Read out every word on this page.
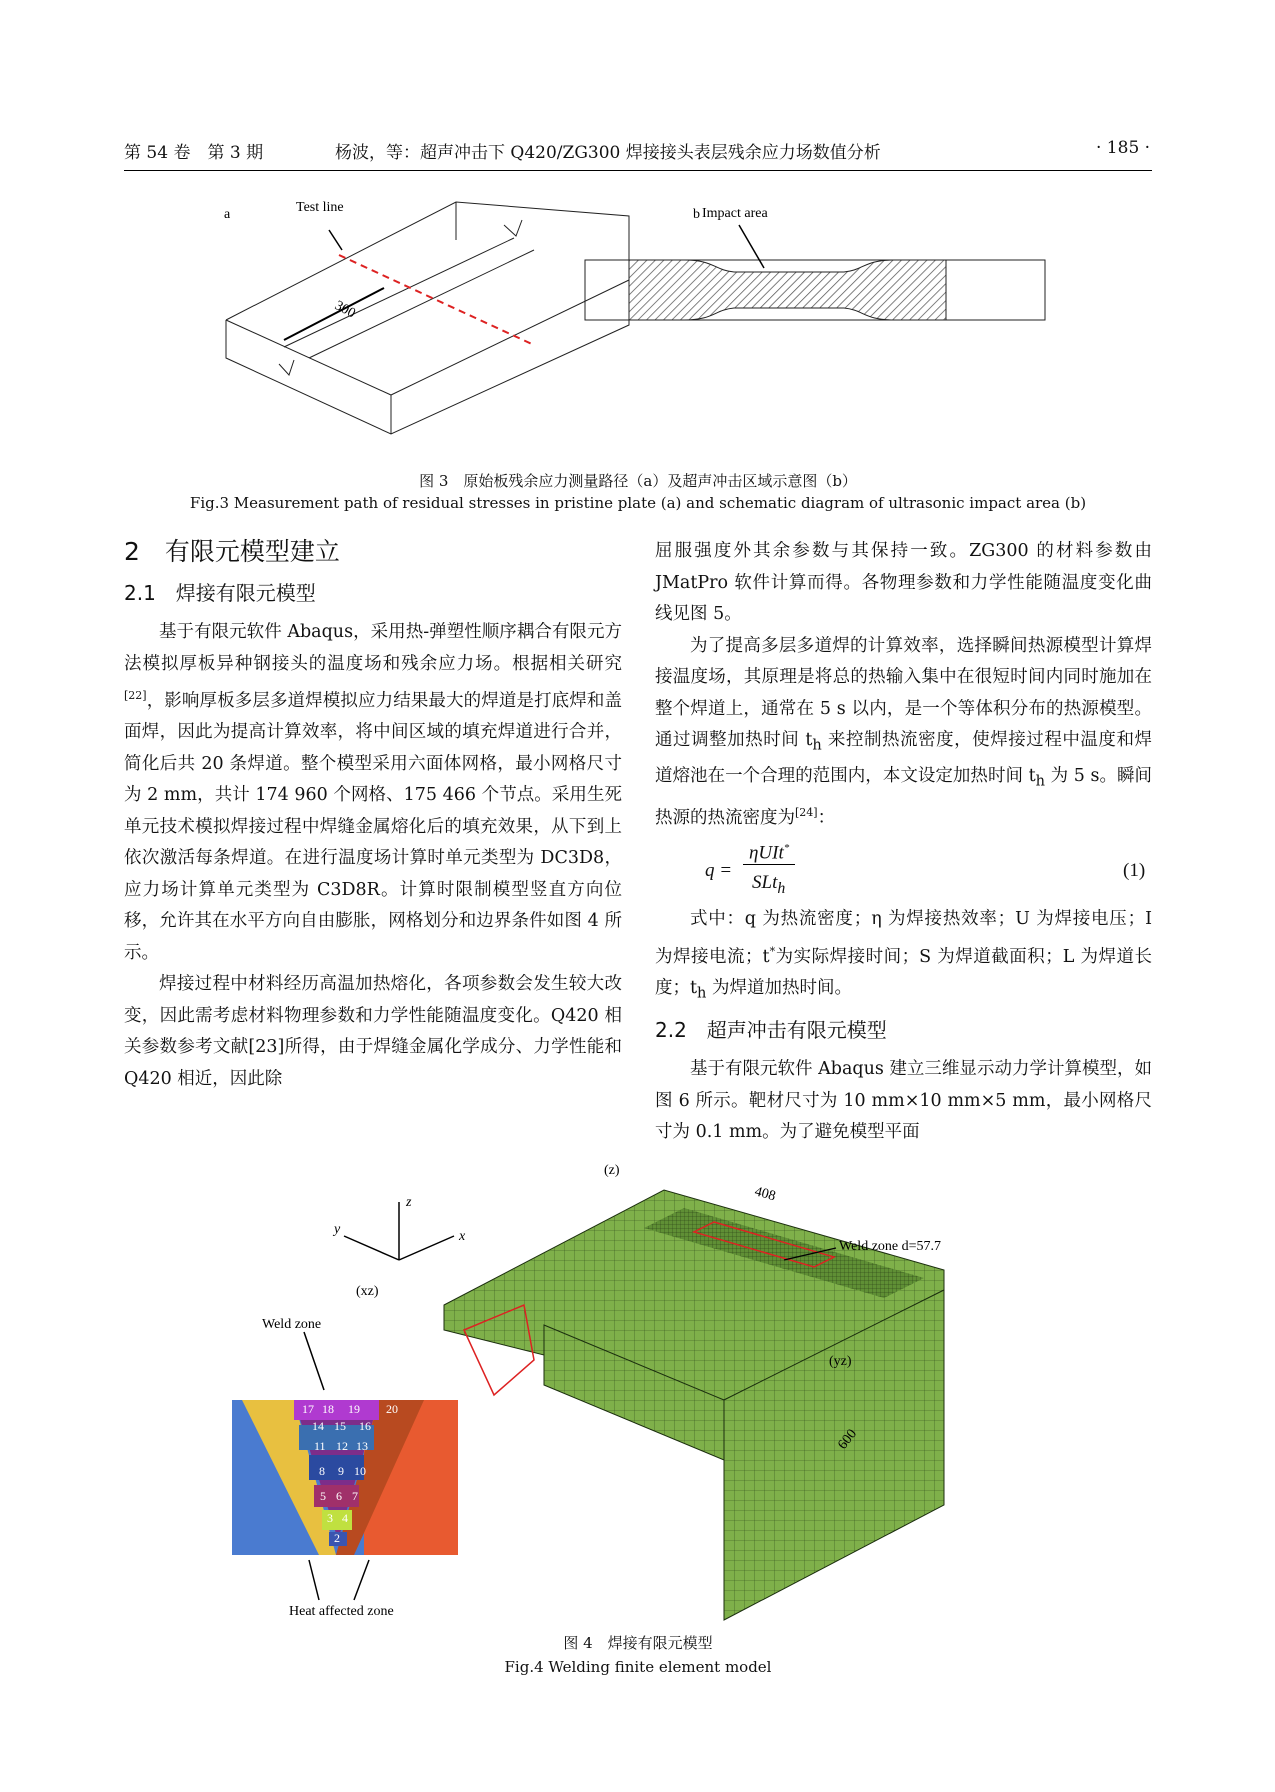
第 54 卷　第 3 期	杨波，等：超声冲击下 Q420/ZG300 焊接接头表层残余应力场数值分析	· 185 ·
a	b
Test line
300
Impact area
图 3　原始板残余应力测量路径（a）及超声冲击区域示意图（b）
Fig.3 Measurement path of residual stresses in pristine plate (a) and schematic diagram of ultrasonic impact area (b)
2　有限元模型建立
2.1　焊接有限元模型

基于有限元软件 Abaqus，采用热-弹塑性顺序耦合有限元方法模拟厚板异种钢接头的温度场和残余应力场。根据相关研究[22]，影响厚板多层多道焊模拟应力结果最大的焊道是打底焊和盖面焊，因此为提高计算效率，将中间区域的填充焊道进行合并，简化后共 20 条焊道。整个模型采用六面体网格，最小网格尺寸为 2 mm，共计 174 960 个网格、175 466 个节点。采用生死单元技术模拟焊接过程中焊缝金属熔化后的填充效果，从下到上依次激活每条焊道。在进行温度场计算时单元类型为 DC3D8，应力场计算单元类型为 C3D8R。计算时限制模型竖直方向位移，允许其在水平方向自由膨胀，网格划分和边界条件如图 4 所示。

焊接过程中材料经历高温加热熔化，各项参数会发生较大改变，因此需考虑材料物理参数和力学性能随温度变化。Q420 相关参数参考文献[23]所得，由于焊缝金属化学成分、力学性能和 Q420 相近，因此除

屈服强度外其余参数与其保持一致。ZG300 的材料参数由 JMatPro 软件计算而得。各物理参数和力学性能随温度变化曲线见图 5。

为了提高多层多道焊的计算效率，选择瞬间热源模型计算焊接温度场，其原理是将总的热输入集中在很短时间内同时施加在整个焊道上，通常在 5 s 以内，是一个等体积分布的热源模型。通过调整加热时间 $t_h$ 来控制热流密度，使焊接过程中温度和焊道熔池在一个合理的范围内，本文设定加热时间 $t_h$ 为 5 s。瞬间热源的热流密度为[24]：

q =
ηUIt*
SLt$_h$
(1)

式中：q 为热流密度；η 为焊接热效率；U 为焊接电压；I 为焊接电流；t*为实际焊接时间；S 为焊道截面积；L 为焊道长度；$t_h$ 为焊道加热时间。

2.2　超声冲击有限元模型

基于有限元软件 Abaqus 建立三维显示动力学计算模型，如图 6 所示。靶材尺寸为 10 mm×10 mm×5 mm，最小网格尺寸为 0.1 mm。为了避免模型平面

z
x
y
Weld zone d=57.7
408
600
(z)
(xz)
(yz)
17 18 19 20
14 15 16
11 12 13
8 9 10
5 6 7
3 4
2
Weld zone
Heat affected zone
图 4　焊接有限元模型
Fig.4 Welding finite element model
